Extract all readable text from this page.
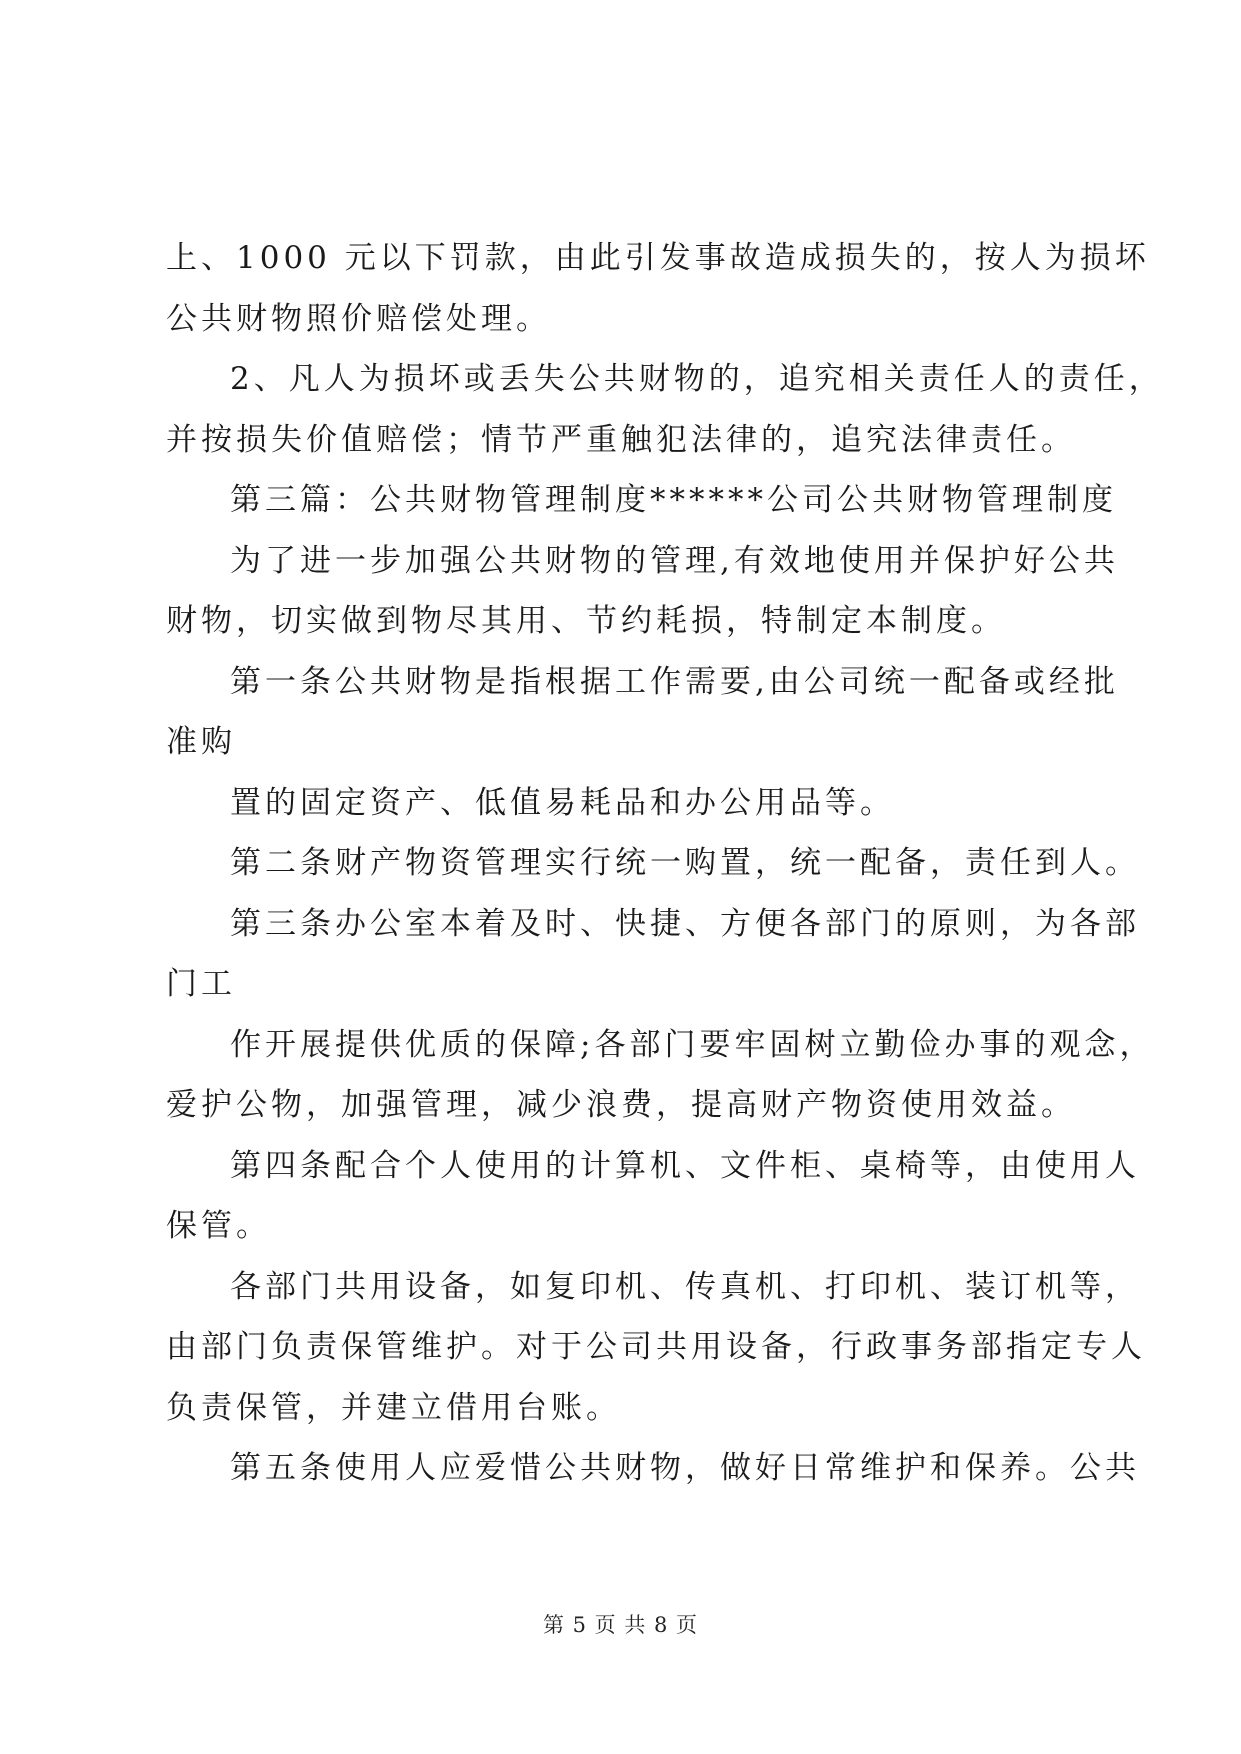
上、1000 元以下罚款，由此引发事故造成损失的，按人为损坏
公共财物照价赔偿处理。
2、凡人为损坏或丢失公共财物的，追究相关责任人的责任，
并按损失价值赔偿；情节严重触犯法律的，追究法律责任。
第三篇：公共财物管理制度******公司公共财物管理制度
为了进一步加强公共财物的管理,有效地使用并保护好公共
财物，切实做到物尽其用、节约耗损，特制定本制度。
第一条公共财物是指根据工作需要,由公司统一配备或经批
准购
置的固定资产、低值易耗品和办公用品等。
第二条财产物资管理实行统一购置，统一配备，责任到人。
第三条办公室本着及时、快捷、方便各部门的原则，为各部
门工
作开展提供优质的保障;各部门要牢固树立勤俭办事的观念，
爱护公物，加强管理，减少浪费，提高财产物资使用效益。
第四条配合个人使用的计算机、文件柜、桌椅等，由使用人
保管。
各部门共用设备，如复印机、传真机、打印机、装订机等，
由部门负责保管维护。对于公司共用设备，行政事务部指定专人
负责保管，并建立借用台账。
第五条使用人应爱惜公共财物，做好日常维护和保养。公共
第 5 页 共 8 页
